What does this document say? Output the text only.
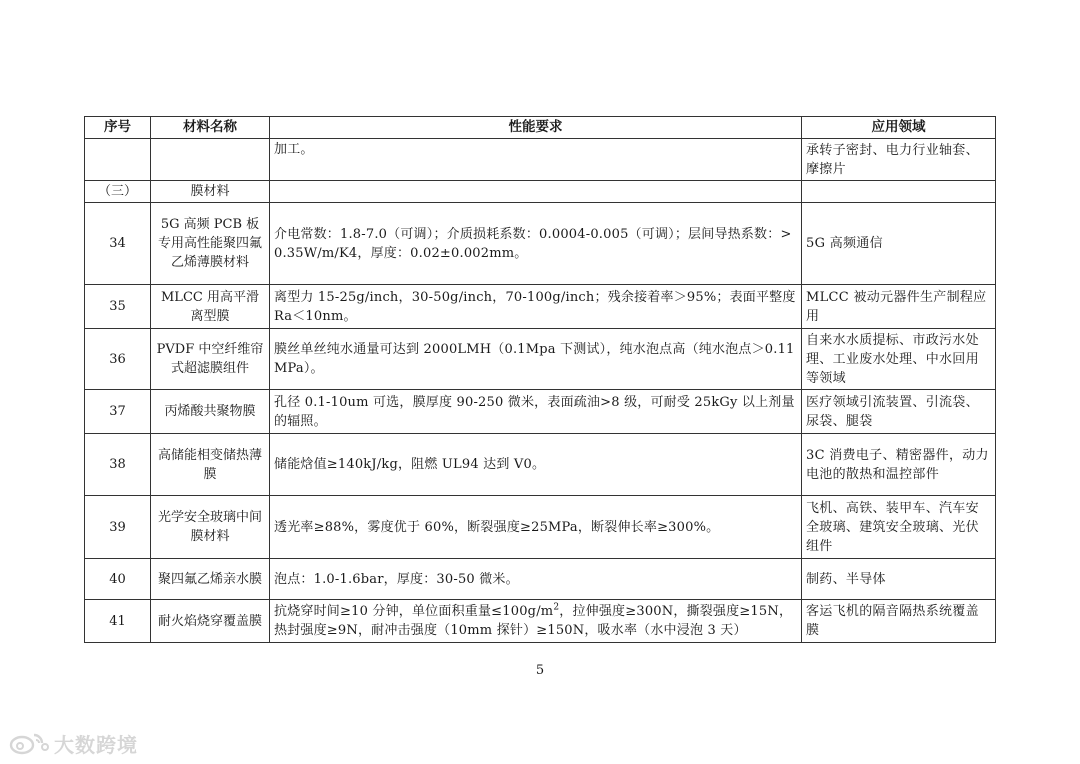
序号	材料名称	性能要求	应用领域
		加工。	承转子密封、电力行业轴套、摩擦片
（三）	膜材料		
34	5G 高频 PCB 板专用高性能聚四氟乙烯薄膜材料	介电常数：1.8-7.0（可调）；介质损耗系数：0.0004-0.005（可调）；层间导热系数：>0.35W/m/K4，厚度：0.02±0.002mm。	5G 高频通信
35	MLCC 用高平滑离型膜	离型力 15-25g/inch，30-50g/inch，70-100g/inch；残余接着率＞95%；表面平整度 Ra＜10nm。	MLCC 被动元器件生产制程应用
36	PVDF 中空纤维帘式超滤膜组件	膜丝单丝纯水通量可达到 2000LMH（0.1Mpa 下测试），纯水泡点高（纯水泡点＞0.11MPa）。	自来水水质提标、市政污水处理、工业废水处理、中水回用等领域
37	丙烯酸共聚物膜	孔径 0.1-10um 可选，膜厚度 90-250 微米，表面疏油>8 级，可耐受 25kGy 以上剂量的辐照。	医疗领域引流装置、引流袋、尿袋、腿袋
38	高储能相变储热薄膜	储能焓值≥140kJ/kg，阻燃 UL94 达到 V0。	3C 消费电子、精密器件，动力电池的散热和温控部件
39	光学安全玻璃中间膜材料	透光率≥88%，雾度优于 60%，断裂强度≥25MPa，断裂伸长率≥300%。	飞机、高铁、装甲车、汽车安全玻璃、建筑安全玻璃、光伏组件
40	聚四氟乙烯亲水膜	泡点：1.0-1.6bar，厚度：30-50 微米。	制药、半导体
41	耐火焰烧穿覆盖膜	抗烧穿时间≥10 分钟，单位面积重量$\le 100g/m^2$，拉伸强度≥300N，撕裂强度≥15N，热封强度≥9N，耐冲击强度（10mm 探针）≥150N，吸水率（水中浸泡 3 天）	客运飞机的隔音隔热系统覆盖膜
5
大数跨境
